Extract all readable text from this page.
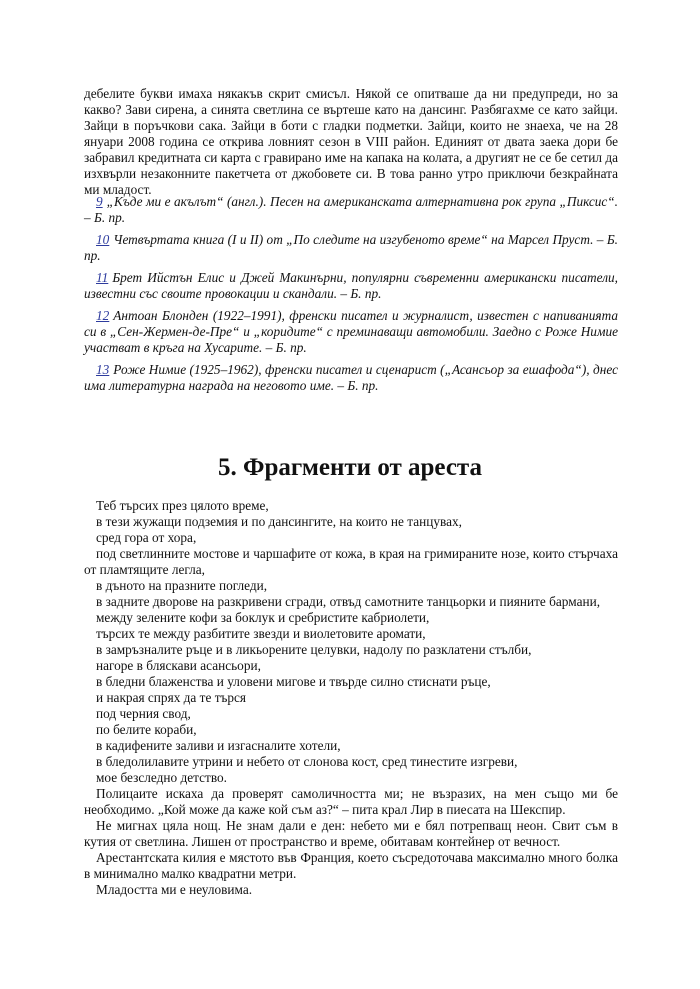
дебелите букви имаха някакъв скрит смисъл. Някой се опитваше да ни предупреди, но за какво? Зави сирена, а синята светлина се въртеше като на дансинг. Разбягахме се като зайци. Зайци в поръчкови сака. Зайци в боти с гладки подметки. Зайци, които не знаеха, че на 28 януари 2008 година се открива ловният сезон в VIII район. Единият от двата заека дори бе забравил кредитната си карта с гравирано име на капака на колата, а другият не се бе сетил да изхвърли незаконните пакетчета от джобовете си. В това ранно утро приключи безкрайната ми младост.

9 „Къде ми е акълът“ (англ.). Песен на американската алтернативна рок група „Пиксис“. – Б. пр.

10 Четвъртата книга (I и II) от „По следите на изгубеното време“ на Марсел Пруст. – Б. пр.

11 Брет Ийстън Елис и Джей Макинърни, популярни съвременни американски писатели, известни със своите провокации и скандали. – Б. пр.

12 Антоан Блонден (1922–1991), френски писател и журналист, известен с напиванията си в „Сен-Жермен-де-Пре“ и „коридите“ с преминаващи автомобили. Заедно с Роже Нимие участват в кръга на Хусарите. – Б. пр.

13 Роже Нимие (1925–1962), френски писател и сценарист („Асансьор за ешафода“), днес има литературна награда на неговото име. – Б. пр.

5. Фрагменти от ареста

Теб търсих през цялото време,

в тези жужащи подземия и по дансингите, на които не танцувах,

сред гора от хора,

под светлинните мостове и чаршафите от кожа, в края на гримираните нозе, които стърчаха от пламтящите легла,

в дъното на празните погледи,

в задните дворове на разкривени сгради, отвъд самотните танцьорки и пияните бармани,

между зелените кофи за боклук и сребристите кабриолети,

търсих те между разбитите звезди и виолетовите аромати,

в замръзналите ръце и в ликьорените целувки, надолу по разклатени стълби,

нагоре в бляскави асансьори,

в бледни блаженства и уловени мигове и твърде силно стиснати ръце,

и накрая спрях да те търся

под черния свод,

по белите кораби,

в кадифените заливи и изгасналите хотели,

в бледолилавите утрини и небето от слонова кост, сред тинестите изгреви,

мое безследно детство.

Полицаите искаха да проверят самоличността ми; не възразих, на мен също ми бе необходимо. „Кой може да каже кой съм аз?“ – пита крал Лир в пиесата на Шекспир.

Не мигнах цяла нощ. Не знам дали е ден: небето ми е бял потрепващ неон. Свит съм в кутия от светлина. Лишен от пространство и време, обитавам контейнер от вечност.

Арестантската килия е мястото във Франция, което съсредоточава максимално много болка в минимално малко квадратни метри.

Младостта ми е неуловима.
